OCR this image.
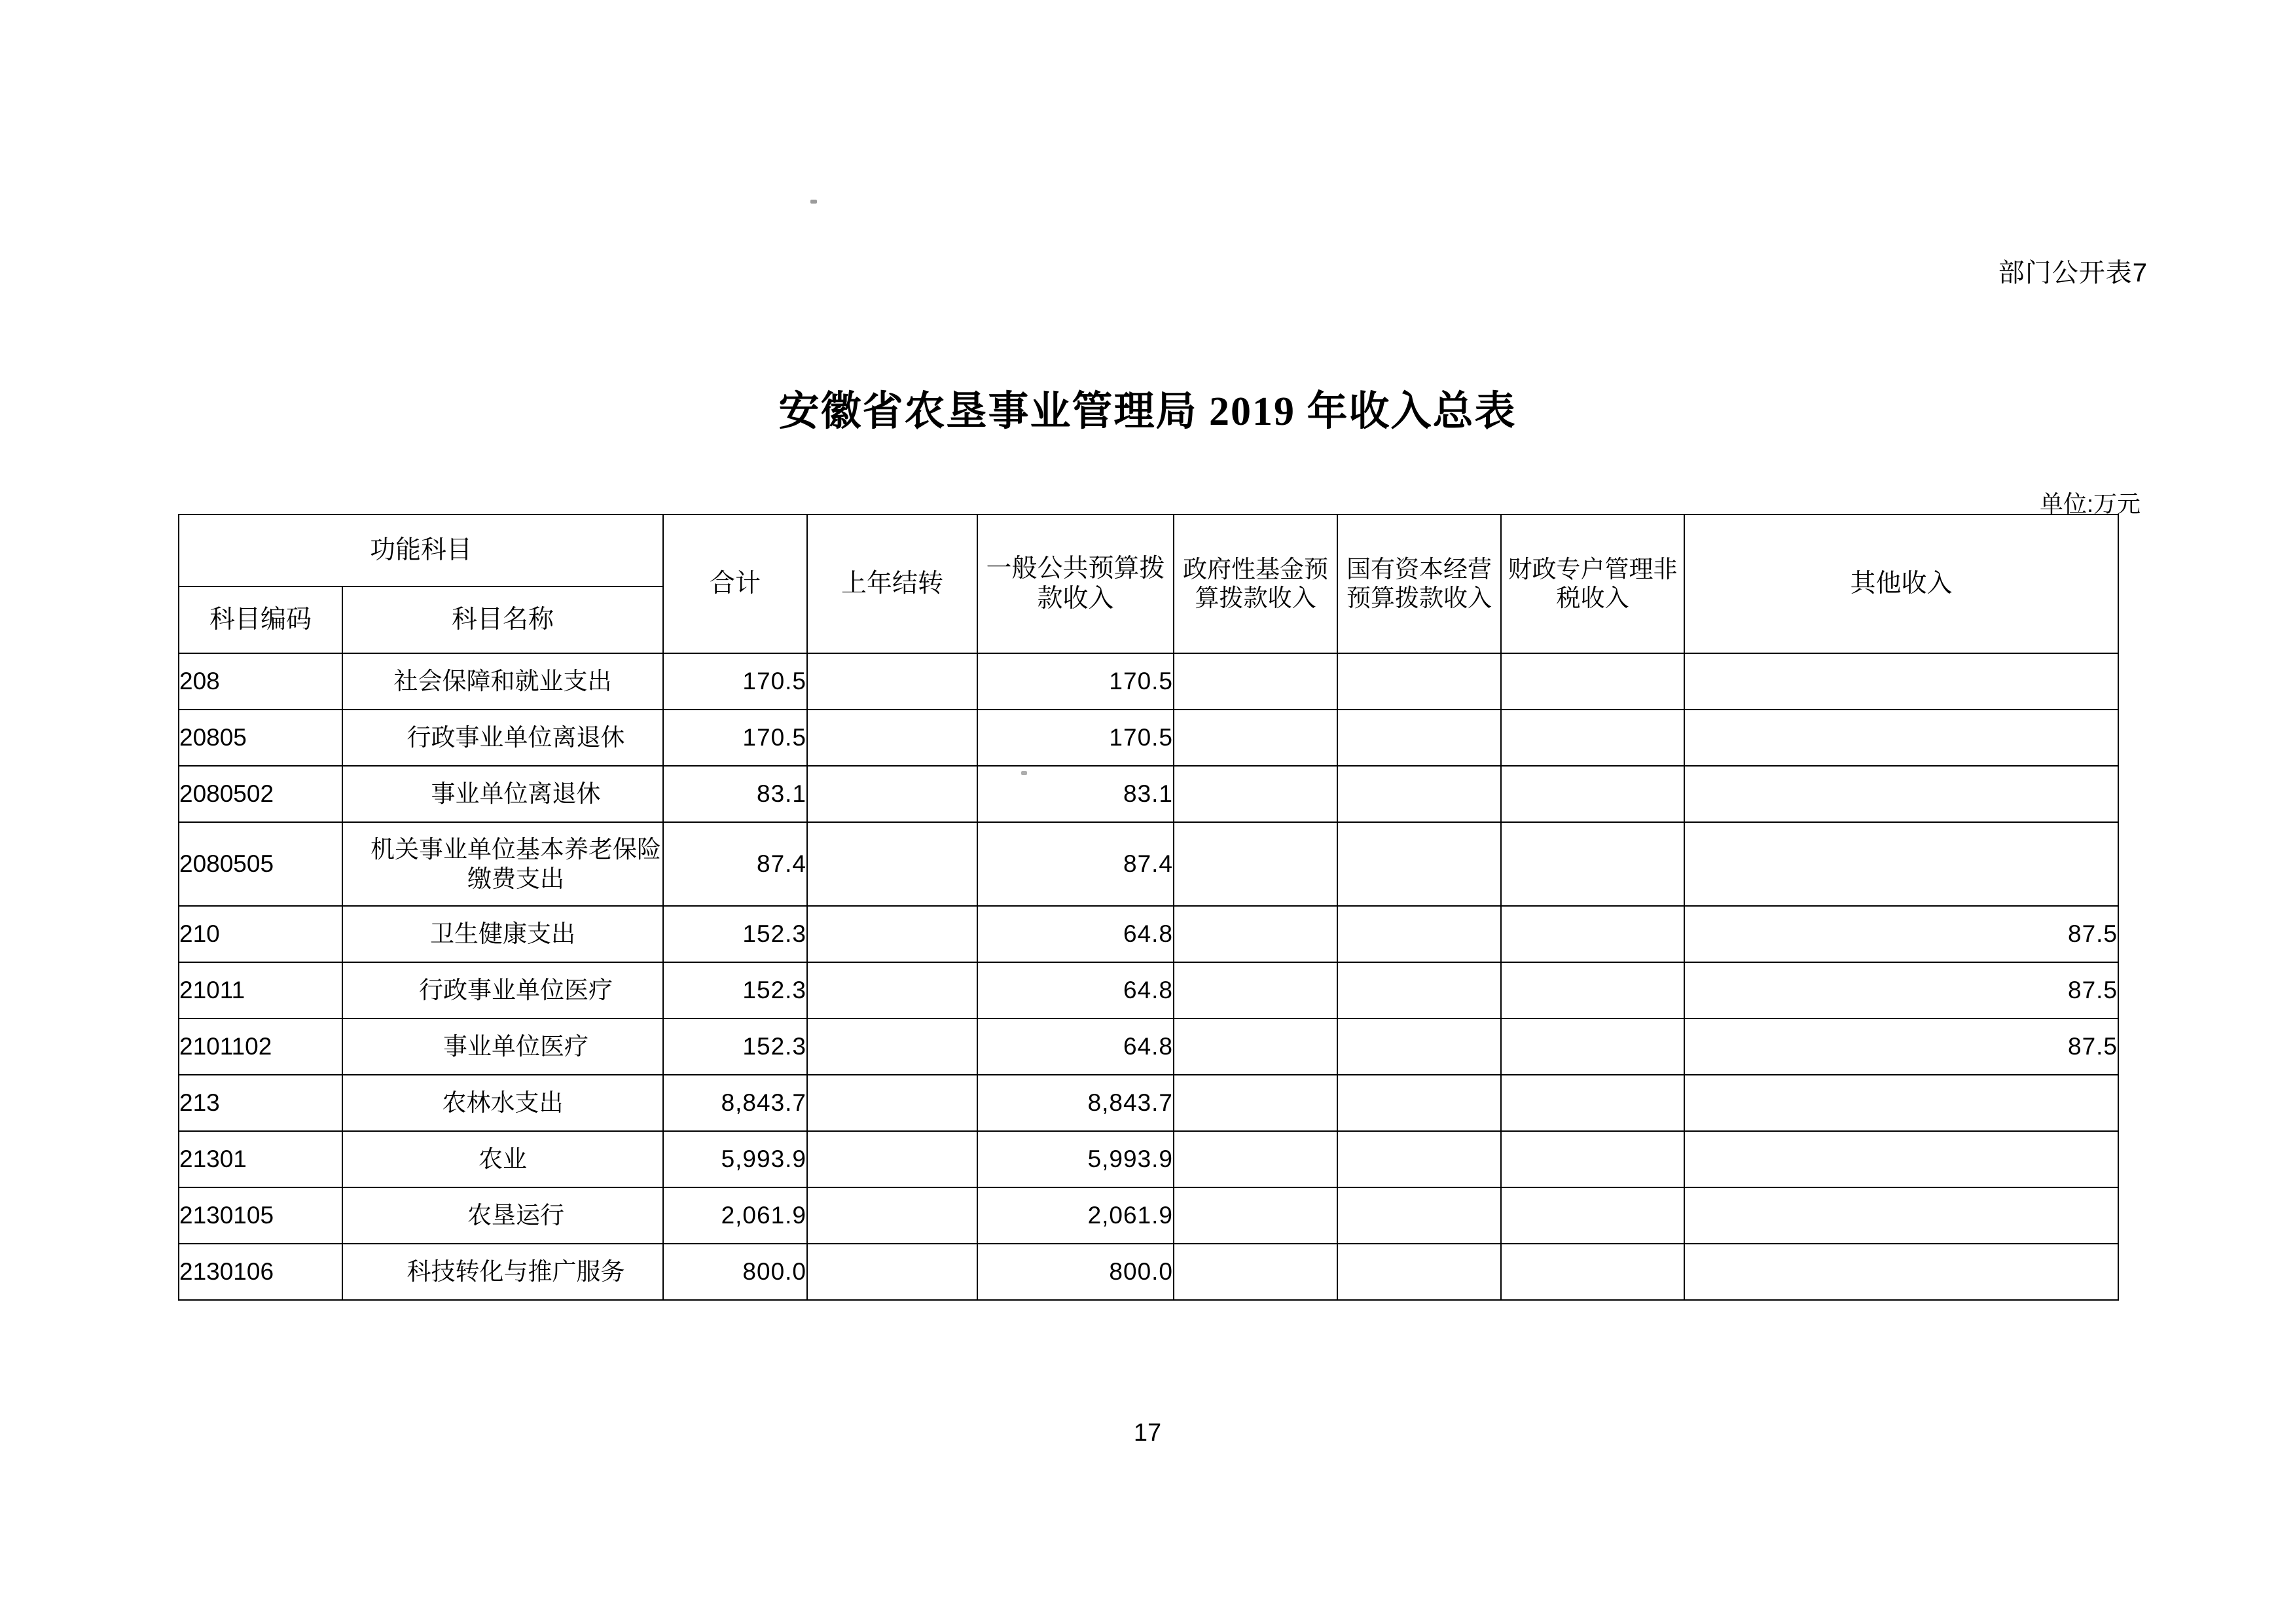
部门公开表7
安徽省农垦事业管理局 2019 年收入总表
单位:万元
功能科目		合计	上年结转	一般公共预算拨款收入	政府性基金预算拨款收入	国有资本经营预算拨款收入	财政专户管理非税收入	其他收入
科目编码	科目名称							
208	社会保障和就业支出	170.5		170.5				
20805	行政事业单位离退休	170.5		170.5				
2080502	事业单位离退休	83.1		83.1				
2080505	机关事业单位基本养老保险缴费支出	87.4		87.4				
210	卫生健康支出	152.3		64.8				87.5
21011	行政事业单位医疗	152.3		64.8				87.5
2101102	事业单位医疗	152.3		64.8				87.5
213	农林水支出	8,843.7		8,843.7				
21301	农业	5,993.9		5,993.9				
2130105	农垦运行	2,061.9		2,061.9				
2130106	科技转化与推广服务	800.0		800.0				
17
